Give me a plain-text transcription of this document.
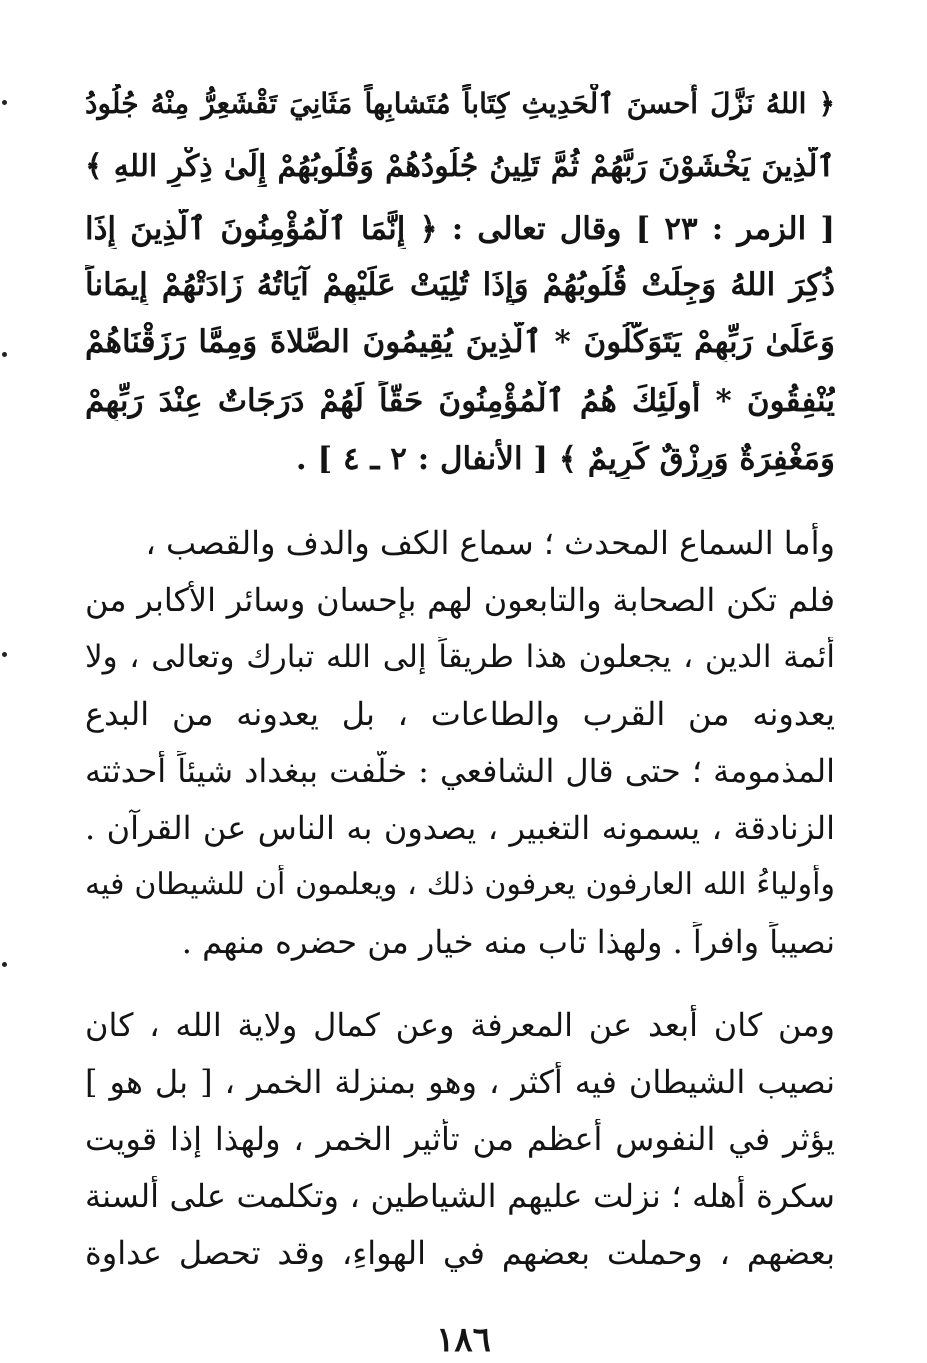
﴿ اللهُ نَزَّلَ أَحسنَ ٱلْحَدِيثِ كِتَاباً مُتَشابِهاً مَثَانِيَ تَقْشَعِرُّ مِنْهُ جُلُودُ
ٱلَّذِينَ يَخْشَوْنَ رَبَّهُمْ ثُمَّ تَلِينُ جُلُودُهُمْ وَقُلُوبُهُمْ إِلَىٰ ذِكْرِ اللهِ ﴾
[ الزمر : ٢٣ ] وقال تعالى : ﴿ إِنَّمَا ٱلْمُؤْمِنُونَ ٱلَّذِينَ إِذَا
ذُكِرَ اللهُ وَجِلَتْ قُلُوبُهُمْ وَإِذَا تُلِيَتْ عَلَيْهِمْ آيَاتُهُ زَادَتْهُمْ إِيمَاناً
وَعَلَىٰ رَبِّهِمْ يَتَوَكَّلُونَ * ٱلَّذِينَ يُقِيمُونَ الصَّلاةَ وَمِمَّا رَزَقْنَاهُمْ
يُنْفِقُونَ * أُولَئِكَ هُمُ ٱلْمُؤْمِنُونَ حَقّاً لَهُمْ دَرَجَاتٌ عِنْدَ رَبِّهِمْ
وَمَغْفِرَةٌ وَرِزْقٌ كَرِيمٌ ﴾ [ الأنفال : ٢ ـ ٤ ] .
وأما السماع المحدث ؛ سماع الكف والدف والقصب ،
فلم تكن الصحابة والتابعون لهم بإحسان وسائر الأكابر من
أئمة الدين ، يجعلون هذا طريقاً إلى الله تبارك وتعالى ، ولا
يعدونه من القرب والطاعات ، بل يعدونه من البدع
المذمومة ؛ حتى قال الشافعي : خلَّفت ببغداد شيئاً أحدثته
الزنادقة ، يسمونه التغبير ، يصدون به الناس عن القرآن .
وأولياءُ الله العارفون يعرفون ذلك ، ويعلمون أن للشيطان فيه
نصيباً وافراً . ولهذا تاب منه خيار من حضره منهم .
ومن كان أبعد عن المعرفة وعن كمال ولاية الله ، كان
نصيب الشيطان فيه أكثر ، وهو بمنزلة الخمر ، [ بل هو ]
يؤثر في النفوس أعظم من تأثير الخمر ، ولهذا إذا قويت
سكرة أهله ؛ نزلت عليهم الشياطين ، وتكلمت على ألسنة
بعضهم ، وحملت بعضهم في الهواءِ، وقد تحصل عداوة
١٨٦
